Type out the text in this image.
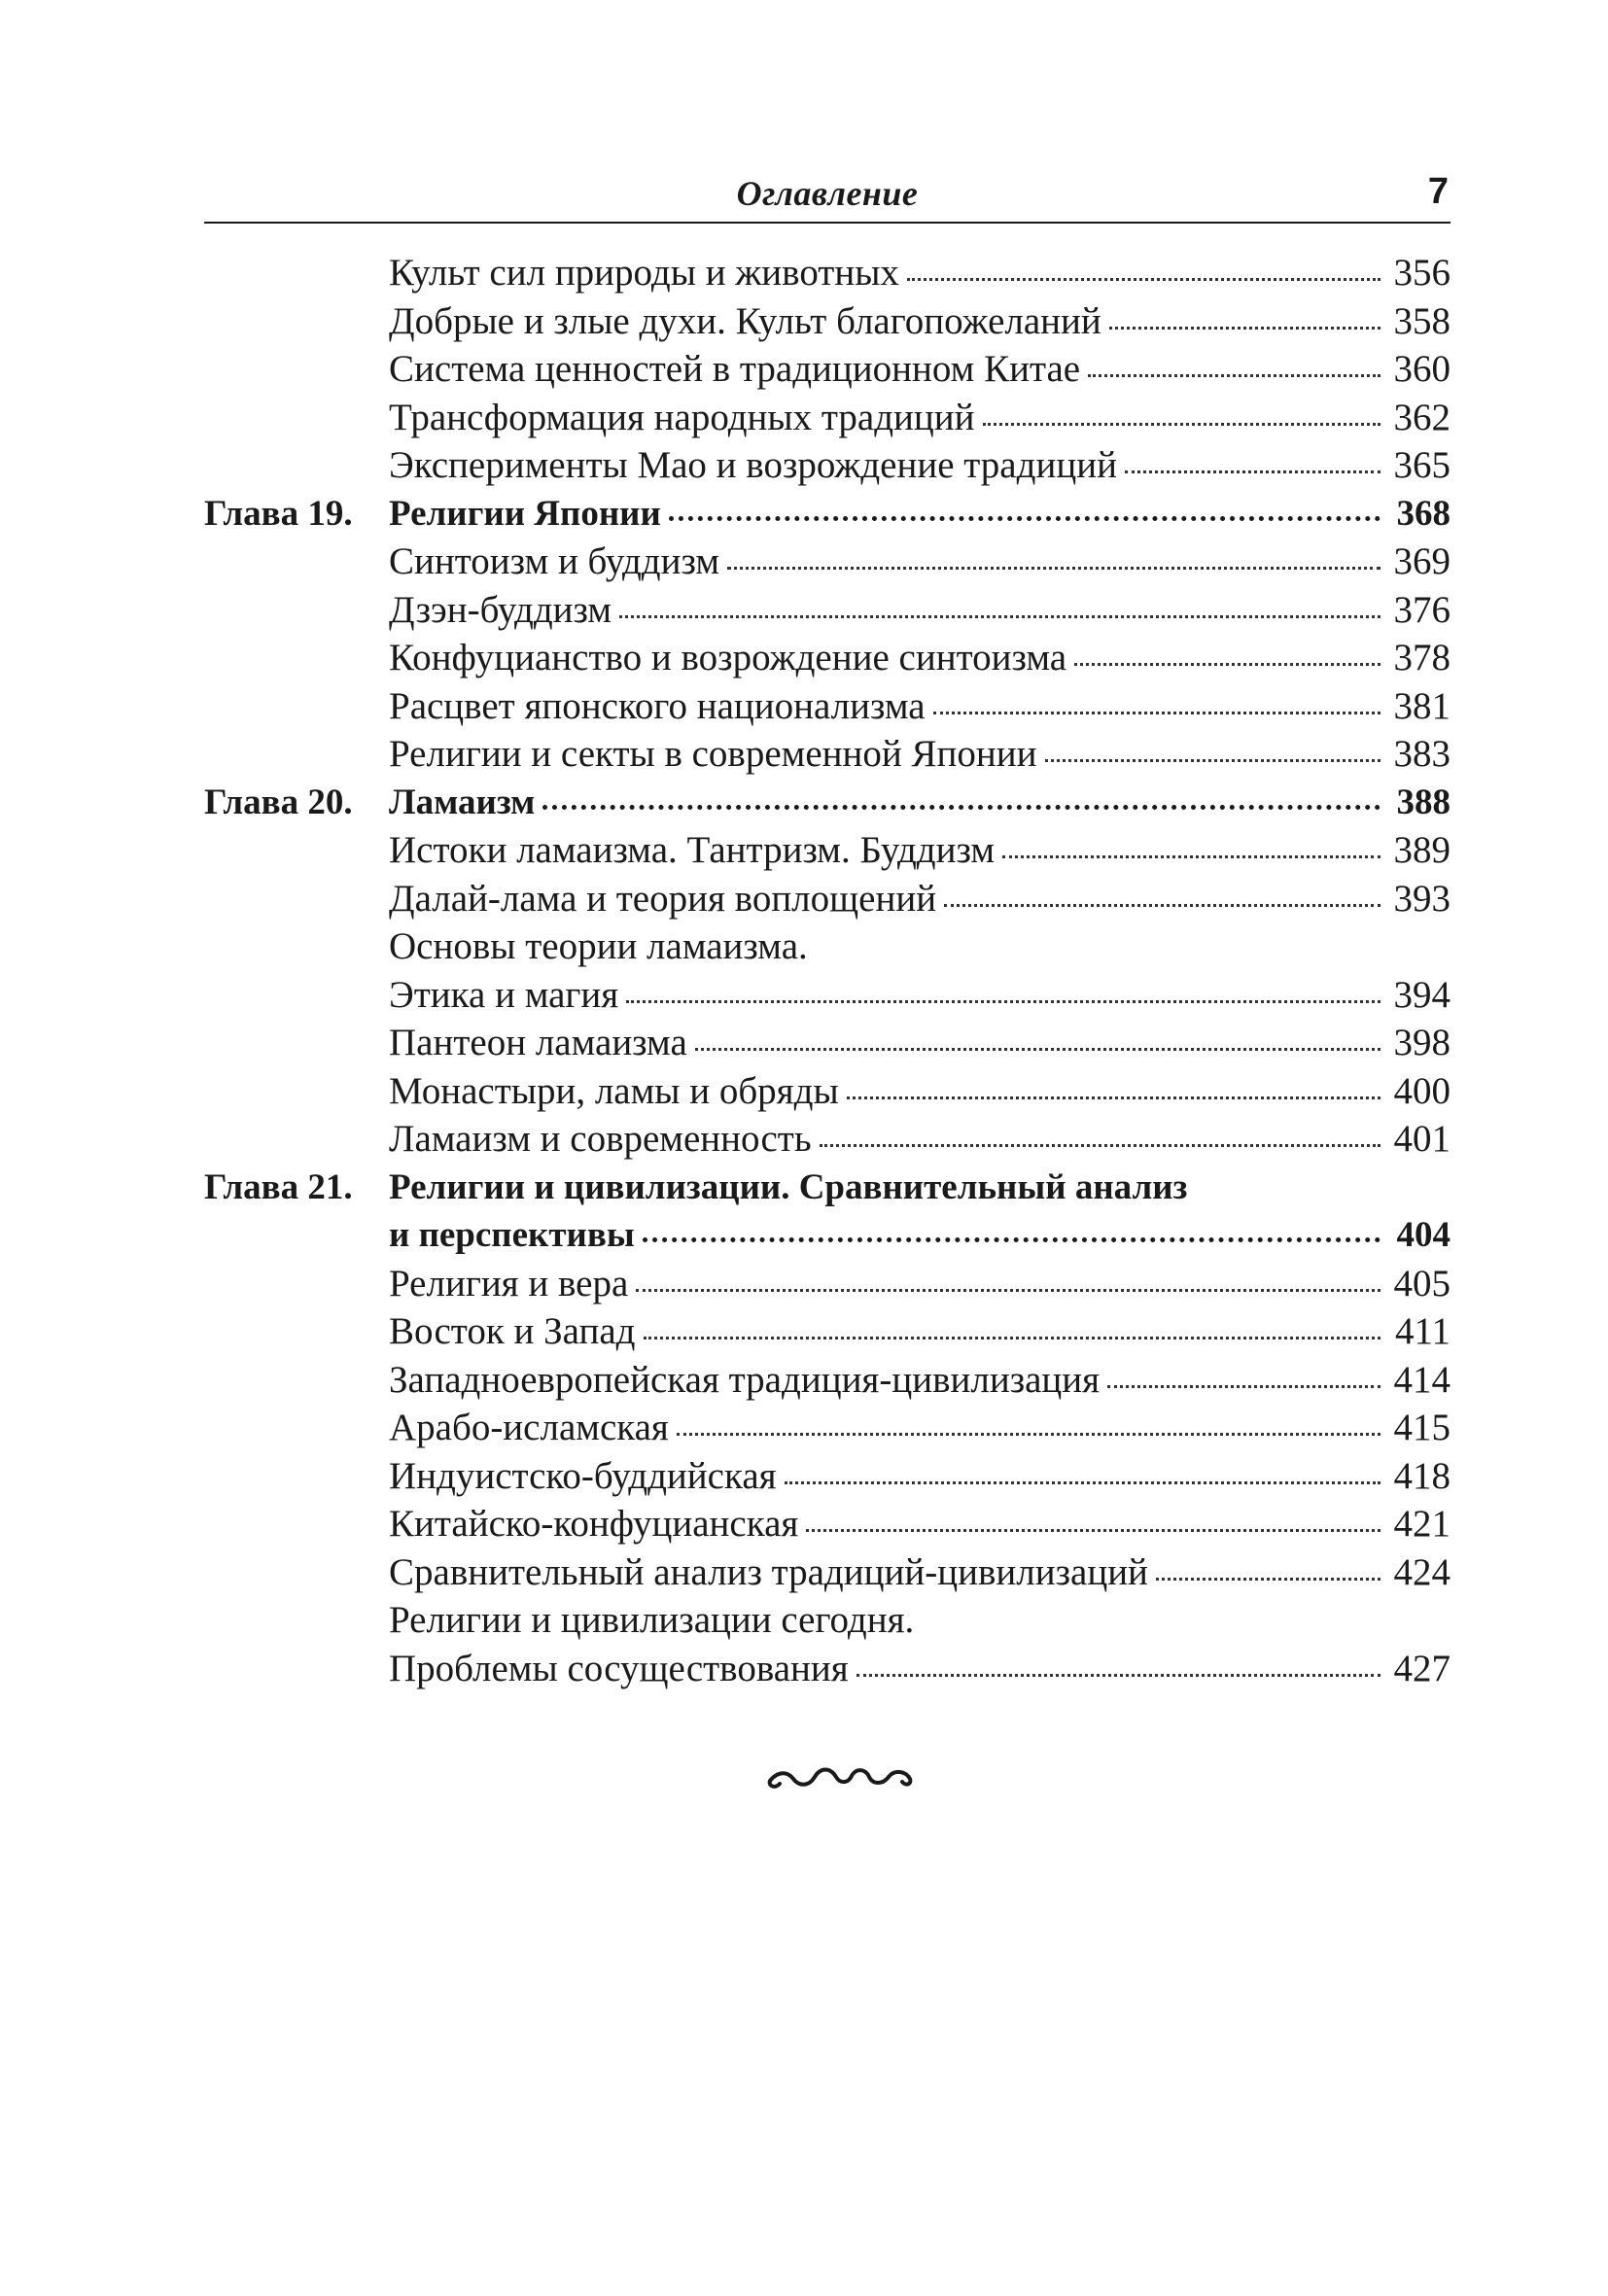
Оглавление	7
Культ сил природы и животных	356
Добрые и злые духи. Культ благопожеланий	358
Система ценностей в традиционном Китае	360
Трансформация народных традиций	362
Эксперименты Мао и возрождение традиций	365
Глава 19.	Религии Японии	368
Синтоизм и буддизм	369
Дзэн-буддизм	376
Конфуцианство и возрождение синтоизма	378
Расцвет японского национализма	381
Религии и секты в современной Японии	383
Глава 20.	Ламаизм	388
Истоки ламаизма. Тантризм. Буддизм	389
Далай-лама и теория воплощений	393
Основы теории ламаизма.
Этика и магия	394
Пантеон ламаизма	398
Монастыри, ламы и обряды	400
Ламаизм и современность	401
Глава 21.	Религии и цивилизации. Сравнительный анализ
и перспективы	404
Религия и вера	405
Восток и Запад	411
Западноевропейская традиция-цивилизация	414
Арабо-исламская	415
Индуистско-буддийская	418
Китайско-конфуцианская	421
Сравнительный анализ традиций-цивилизаций	424
Религии и цивилизации сегодня.
Проблемы сосуществования	427
